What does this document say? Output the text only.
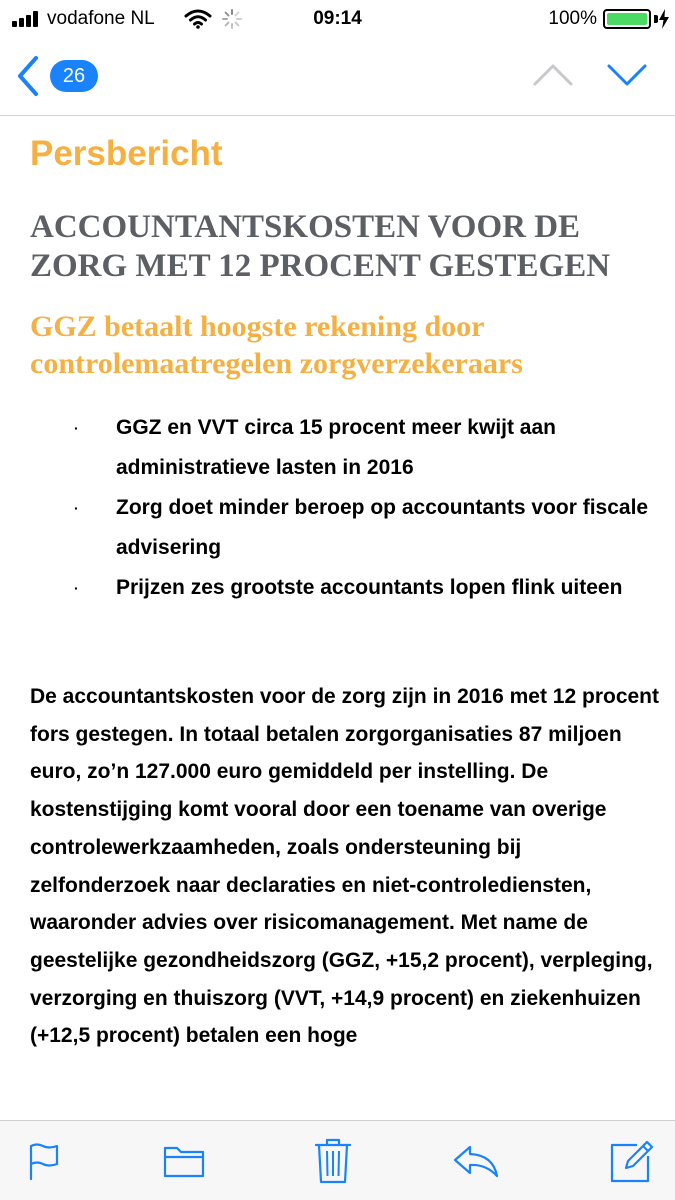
vodafone NL	09:14	100%
26
Persbericht
ACCOUNTANTSKOSTEN VOOR DE ZORG MET 12 PROCENT GESTEGEN
GGZ betaalt hoogste rekening door controlemaatregelen zorgverzekeraars
· GGZ en VVT circa 15 procent meer kwijt aan administratieve lasten in 2016
· Zorg doet minder beroep op accountants voor fiscale advisering
· Prijzen zes grootste accountants lopen flink uiteen

De accountantskosten voor de zorg zijn in 2016 met 12 procent fors gestegen. In totaal betalen zorgorganisaties 87 miljoen euro, zo’n 127.000 euro gemiddeld per instelling. De kostenstijging komt vooral door een toename van overige controlewerkzaamheden, zoals ondersteuning bij zelfonderzoek naar declaraties en niet-controlediensten, waaronder advies over risicomanagement. Met name de geestelijke gezondheidszorg (GGZ, +15,2 procent), verpleging, verzorging en thuiszorg (VVT, +14,9 procent) en ziekenhuizen (+12,5 procent) betalen een hoge
